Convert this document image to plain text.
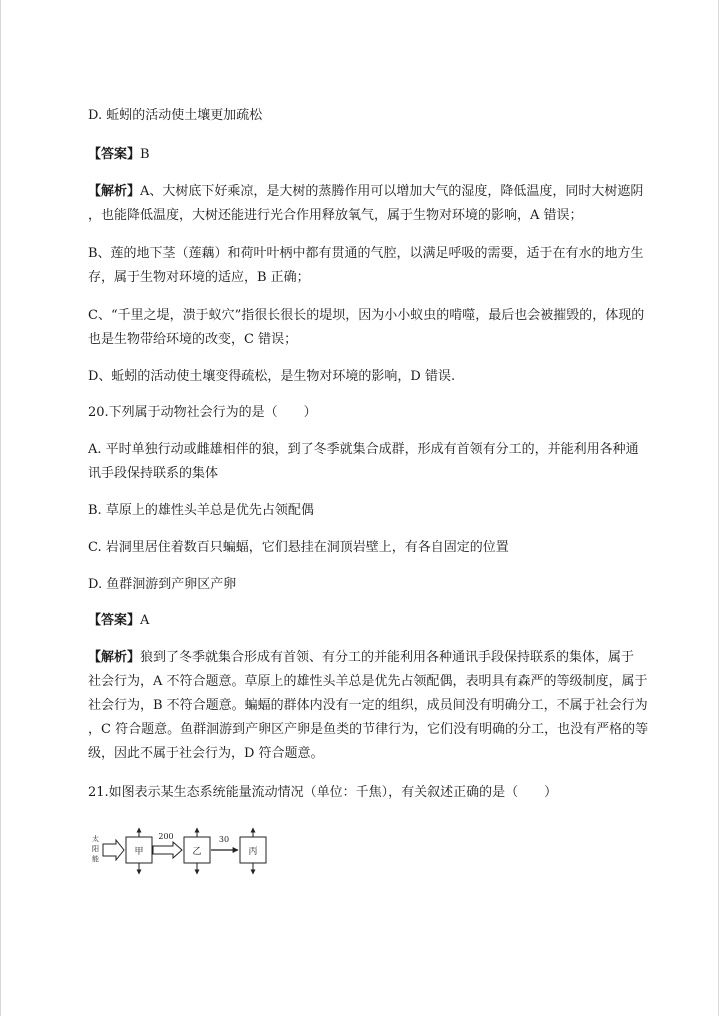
D. 蚯蚓的活动使土壤更加疏松

【答案】B

【解析】A、大树底下好乘凉，是大树的蒸腾作用可以增加大气的湿度，降低温度，同时大树遮阴

，也能降低温度，大树还能进行光合作用释放氧气，属于生物对环境的影响，A 错误；

B、莲的地下茎（莲藕）和荷叶叶柄中都有贯通的气腔，以满足呼吸的需要，适于在有水的地方生

存，属于生物对环境的适应，B 正确；

C、“千里之堤，溃于蚁穴”指很长很长的堤坝，因为小小蚁虫的啃噬，最后也会被摧毁的，体现的

也是生物带给环境的改变，C 错误；

D、蚯蚓的活动使土壤变得疏松，是生物对环境的影响，D 错误.

20.下列属于动物社会行为的是（　　）

A. 平时单独行动或雌雄相伴的狼，到了冬季就集合成群，形成有首领有分工的，并能利用各种通

讯手段保持联系的集体

B. 草原上的雄性头羊总是优先占领配偶

C. 岩洞里居住着数百只蝙蝠，它们悬挂在洞顶岩壁上，有各自固定的位置

D. 鱼群洄游到产卵区产卵

【答案】A

【解析】狼到了冬季就集合形成有首领、有分工的并能利用各种通讯手段保持联系的集体，属于

社会行为，A 不符合题意。草原上的雄性头羊总是优先占领配偶，表明具有森严的等级制度，属于

社会行为，B 不符合题意。蝙蝠的群体内没有一定的组织，成员间没有明确分工，不属于社会行为

，C 符合题意。鱼群洄游到产卵区产卵是鱼类的节律行为，它们没有明确的分工，也没有严格的等

级，因此不属于社会行为，D 符合题意。

21.如图表示某生态系统能量流动情况（单位：千焦），有关叙述正确的是（　　）

太
阳
能
甲
200
乙
30
丙
